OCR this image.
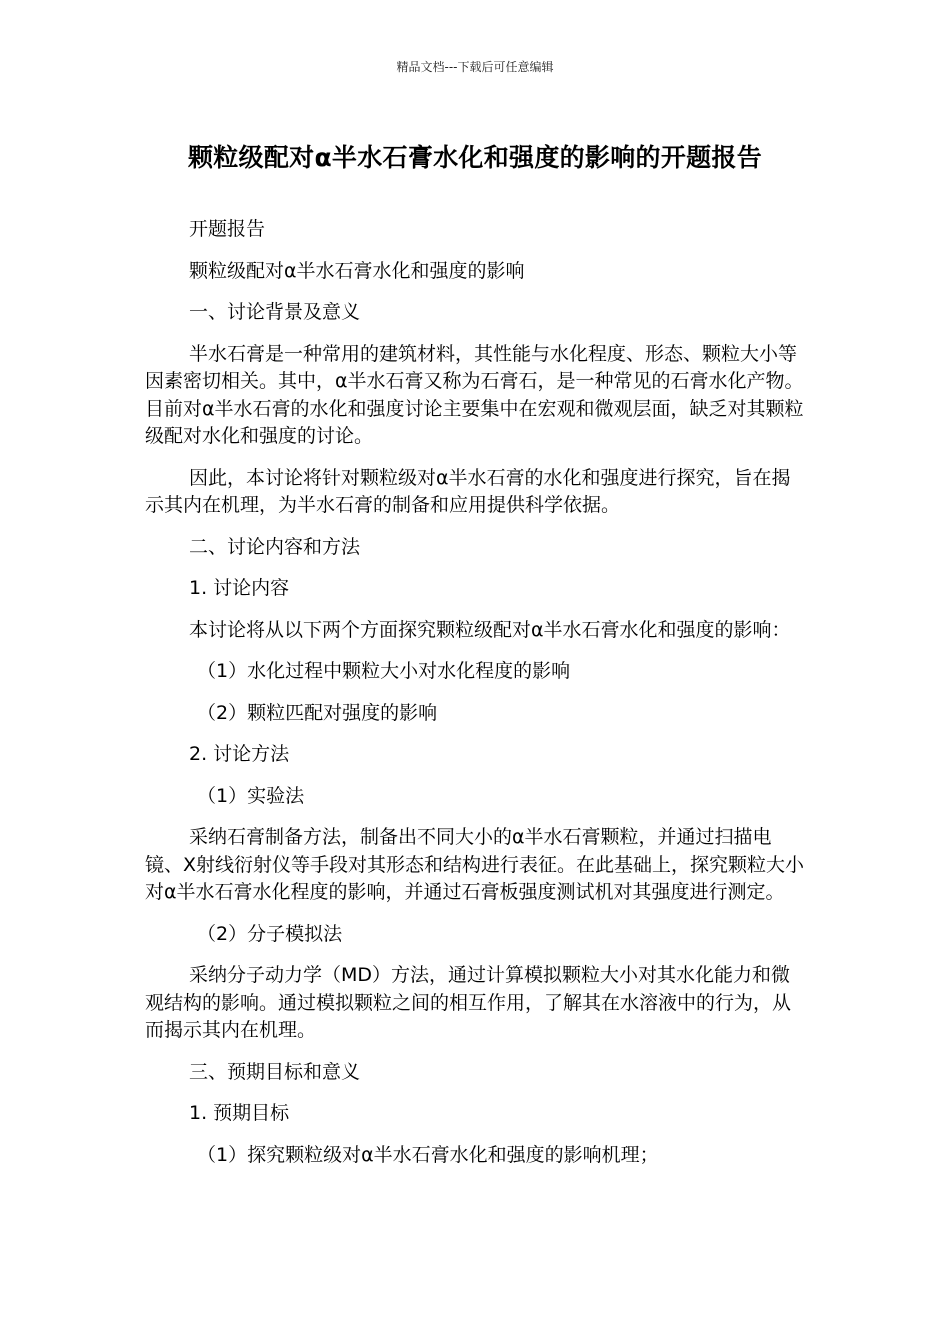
精品文档---下载后可任意编辑
颗粒级配对α半水石膏水化和强度的影响的开题报告

开题报告

颗粒级配对α半水石膏水化和强度的影响

一、讨论背景及意义

半水石膏是一种常用的建筑材料，其性能与水化程度、形态、颗粒大小等因素密切相关。其中，α半水石膏又称为石膏石，是一种常见的石膏水化产物。目前对α半水石膏的水化和强度讨论主要集中在宏观和微观层面，缺乏对其颗粒级配对水化和强度的讨论。

因此，本讨论将针对颗粒级对α半水石膏的水化和强度进行探究，旨在揭示其内在机理，为半水石膏的制备和应用提供科学依据。

二、讨论内容和方法

1. 讨论内容

本讨论将从以下两个方面探究颗粒级配对α半水石膏水化和强度的影响：

（1）水化过程中颗粒大小对水化程度的影响

（2）颗粒匹配对强度的影响

2. 讨论方法

（1）实验法

采纳石膏制备方法，制备出不同大小的α半水石膏颗粒，并通过扫描电镜、X射线衍射仪等手段对其形态和结构进行表征。在此基础上，探究颗粒大小对α半水石膏水化程度的影响，并通过石膏板强度测试机对其强度进行测定。

（2）分子模拟法

采纳分子动力学（MD）方法，通过计算模拟颗粒大小对其水化能力和微观结构的影响。通过模拟颗粒之间的相互作用，了解其在水溶液中的行为，从而揭示其内在机理。

三、预期目标和意义

1. 预期目标

（1）探究颗粒级对α半水石膏水化和强度的影响机理；
